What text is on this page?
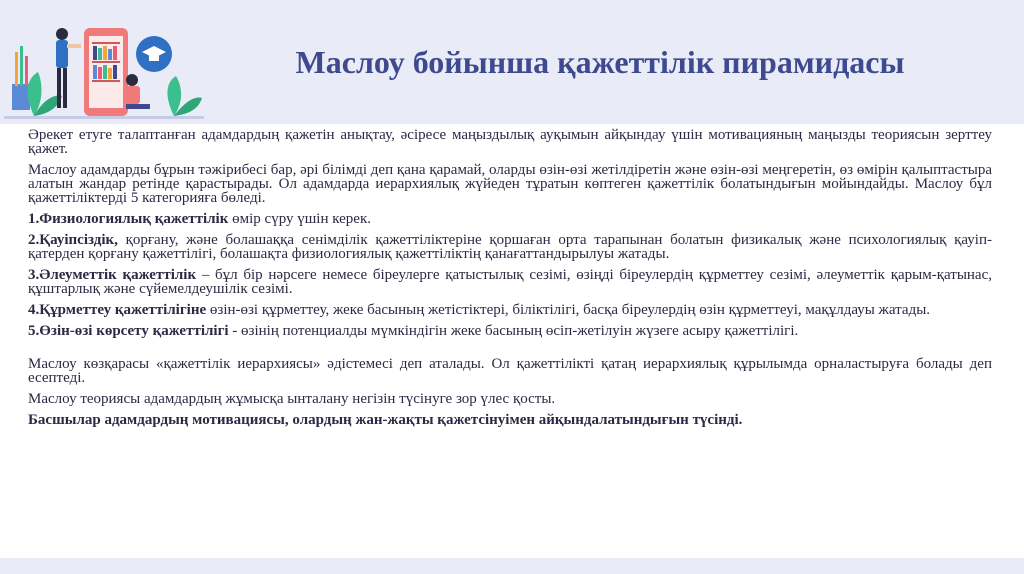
Маслоу бойынша қажеттілік пирамидасы

Әрекет етуге талаптанған адамдардың қажетін анықтау, әсіресе маңыздылық ауқымын айқындау үшін мотивацияның маңызды теориясын зерттеу қажет.

Маслоу адамдарды бұрын тәжірибесі бар, әрі білімді деп қана қарамай, оларды өзін-өзі жетілдіретін және өзін-өзі меңгеретін, өз өмірін қалыптастыра алатын жандар ретінде қарастырады. Ол адамдарда иерархиялық жүйеден тұратын көптеген қажеттілік болатындығын мойындайды. Маслоу бұл қажеттіліктерді 5 категорияға бөледі.

1.Физиологиялық қажеттілік өмір сүру үшін керек.

2.Қауіпсіздік, қорғану, және болашаққа сенімділік қажеттіліктеріне қоршаған орта тарапынан болатын физикалық және психологиялық қауіп-қатерден қорғану қажеттілігі, болашақта физиологиялық қажеттіліктің қанағаттандырылуы жатады.

3.Әлеуметтік қажеттілік – бұл бір нәрсеге немесе біреулерге қатыстылық сезімі, өзіңді біреулердің құрметтеу сезімі, әлеуметтік қарым-қатынас, құштарлық және сүйемелдеушілік сезімі.

4.Құрметтеу қажеттілігіне өзін-өзі құрметтеу, жеке басының жетістіктері, біліктілігі, басқа біреулердің өзін құрметтеуі, мақұлдауы жатады.

5.Өзін-өзі көрсету қажеттілігі - өзінің потенциалды мүмкіндігін жеке басының өсіп-жетілуін жүзеге асыру қажеттілігі.

Маслоу көзқарасы «қажеттілік иерархиясы» әдістемесі деп аталады. Ол қажеттілікті қатаң иерархиялық құрылымда орналастыруға болады деп есептеді.

Маслоу теориясы адамдардың жұмысқа ынталану негізін түсінуге зор үлес қосты.

Басшылар адамдардың мотивациясы, олардың жан-жақты қажетсінуімен айқындалатындығын түсінді.
